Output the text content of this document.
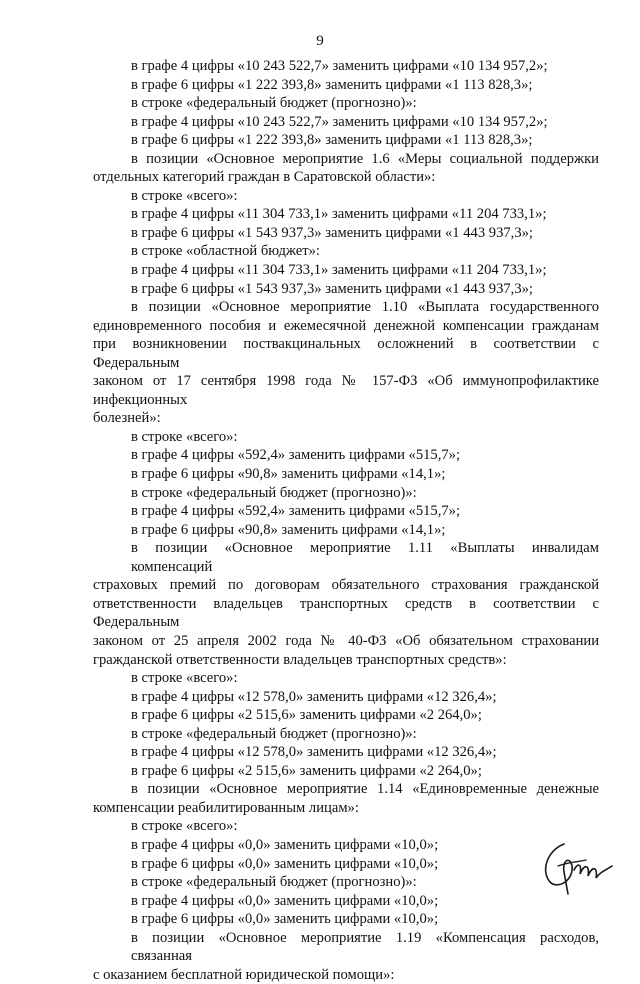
9
в графе 4 цифры «10 243 522,7» заменить цифрами «10 134 957,2»;
в графе 6 цифры «1 222 393,8» заменить цифрами «1 113 828,3»;
в строке «федеральный бюджет (прогнозно)»:
в графе 4 цифры «10 243 522,7» заменить цифрами «10 134 957,2»;
в графе 6 цифры «1 222 393,8» заменить цифрами «1 113 828,3»;
в позиции «Основное мероприятие 1.6 «Меры социальной поддержки
отдельных категорий граждан в Саратовской области»:
в строке «всего»:
в графе 4 цифры «11 304 733,1» заменить цифрами «11 204 733,1»;
в графе 6 цифры «1 543 937,3» заменить цифрами «1 443 937,3»;
в строке «областной бюджет»:
в графе 4 цифры «11 304 733,1» заменить цифрами «11 204 733,1»;
в графе 6 цифры «1 543 937,3» заменить цифрами «1 443 937,3»;
в позиции «Основное мероприятие 1.10 «Выплата государственного
единовременного пособия и ежемесячной денежной компенсации гражданам
при возникновении поствакцинальных осложнений в соответствии с Федеральным
законом от 17 сентября 1998 года № 157-ФЗ «Об иммунопрофилактике инфекционных
болезней»:
в строке «всего»:
в графе 4 цифры «592,4» заменить цифрами «515,7»;
в графе 6 цифры «90,8» заменить цифрами «14,1»;
в строке «федеральный бюджет (прогнозно)»:
в графе 4 цифры «592,4» заменить цифрами «515,7»;
в графе 6 цифры «90,8» заменить цифрами «14,1»;
в позиции «Основное мероприятие 1.11 «Выплаты инвалидам компенсаций
страховых премий по договорам обязательного страхования гражданской
ответственности владельцев транспортных средств в соответствии с Федеральным
законом от 25 апреля 2002 года № 40-ФЗ «Об обязательном страховании
гражданской ответственности владельцев транспортных средств»:
в строке «всего»:
в графе 4 цифры «12 578,0» заменить цифрами «12 326,4»;
в графе 6 цифры «2 515,6» заменить цифрами «2 264,0»;
в строке «федеральный бюджет (прогнозно)»:
в графе 4 цифры «12 578,0» заменить цифрами «12 326,4»;
в графе 6 цифры «2 515,6» заменить цифрами «2 264,0»;
в позиции «Основное мероприятие 1.14 «Единовременные денежные
компенсации реабилитированным лицам»:
в строке «всего»:
в графе 4 цифры «0,0» заменить цифрами «10,0»;
в графе 6 цифры «0,0» заменить цифрами «10,0»;
в строке «федеральный бюджет (прогнозно)»:
в графе 4 цифры «0,0» заменить цифрами «10,0»;
в графе 6 цифры «0,0» заменить цифрами «10,0»;
в позиции «Основное мероприятие 1.19 «Компенсация расходов, связанная
с оказанием бесплатной юридической помощи»:
